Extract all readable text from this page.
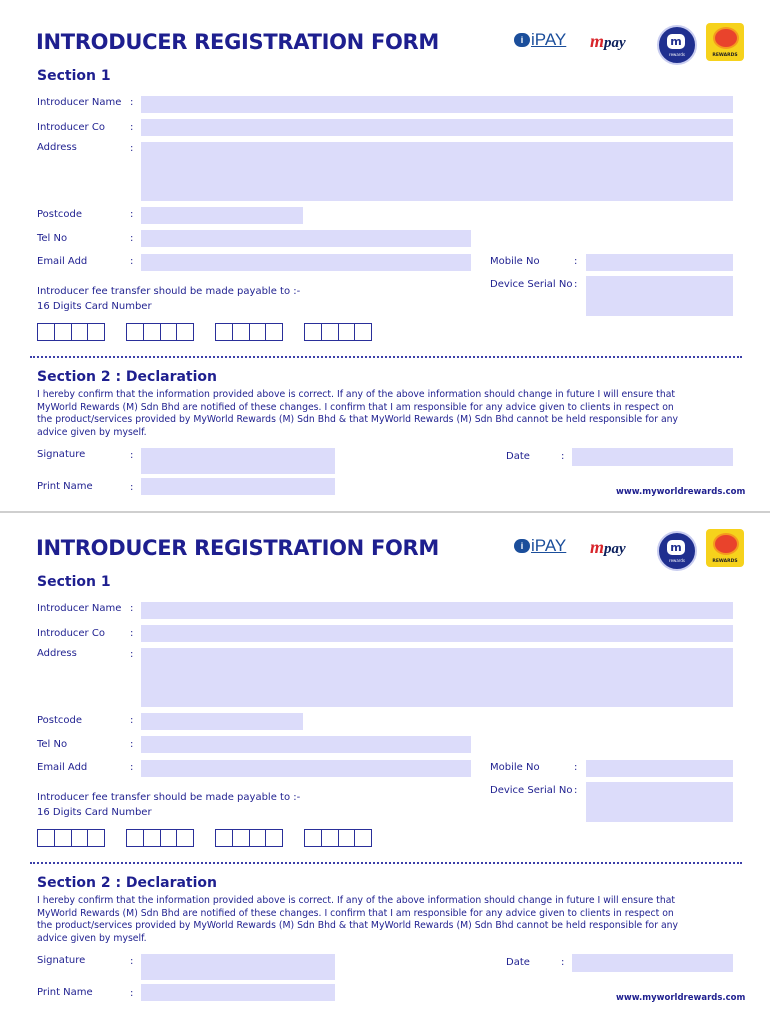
INTRODUCER REGISTRATION FORM	i iPAY mpay	m
rewards	REWARDS
Section 1
Introducer Name :
Introducer Co	:
Address	:
Postcode	:
Tel No	:
Email Add	:	Mobile No	:
Device Serial No :
Introducer fee transfer should be made payable to :-
16 Digits Card Number
Section 2 : Declaration
I hereby confirm that the information provided above is correct. If any of the above information should change in future I will ensure that MyWorld Rewards (M) Sdn Bhd are notified of these changes. I confirm that I am responsible for any advice given to clients in respect on the product/services provided by MyWorld Rewards (M) Sdn Bhd & that MyWorld Rewards (M) Sdn Bhd cannot be held responsible for any advice given by myself.
Signature	:	Date	:
Print Name	:	www.myworldrewards.com
INTRODUCER REGISTRATION FORM	i iPAY mpay	m
rewards	REWARDS
Section 1
Introducer Name :
Introducer Co	:
Address	:
Postcode	:
Tel No	:
Email Add	:	Mobile No	:
Device Serial No :
Introducer fee transfer should be made payable to :-
16 Digits Card Number
Section 2 : Declaration
I hereby confirm that the information provided above is correct. If any of the above information should change in future I will ensure that MyWorld Rewards (M) Sdn Bhd are notified of these changes. I confirm that I am responsible for any advice given to clients in respect on the product/services provided by MyWorld Rewards (M) Sdn Bhd & that MyWorld Rewards (M) Sdn Bhd cannot be held responsible for any advice given by myself.
Signature	:	Date	:
Print Name	:	www.myworldrewards.com
